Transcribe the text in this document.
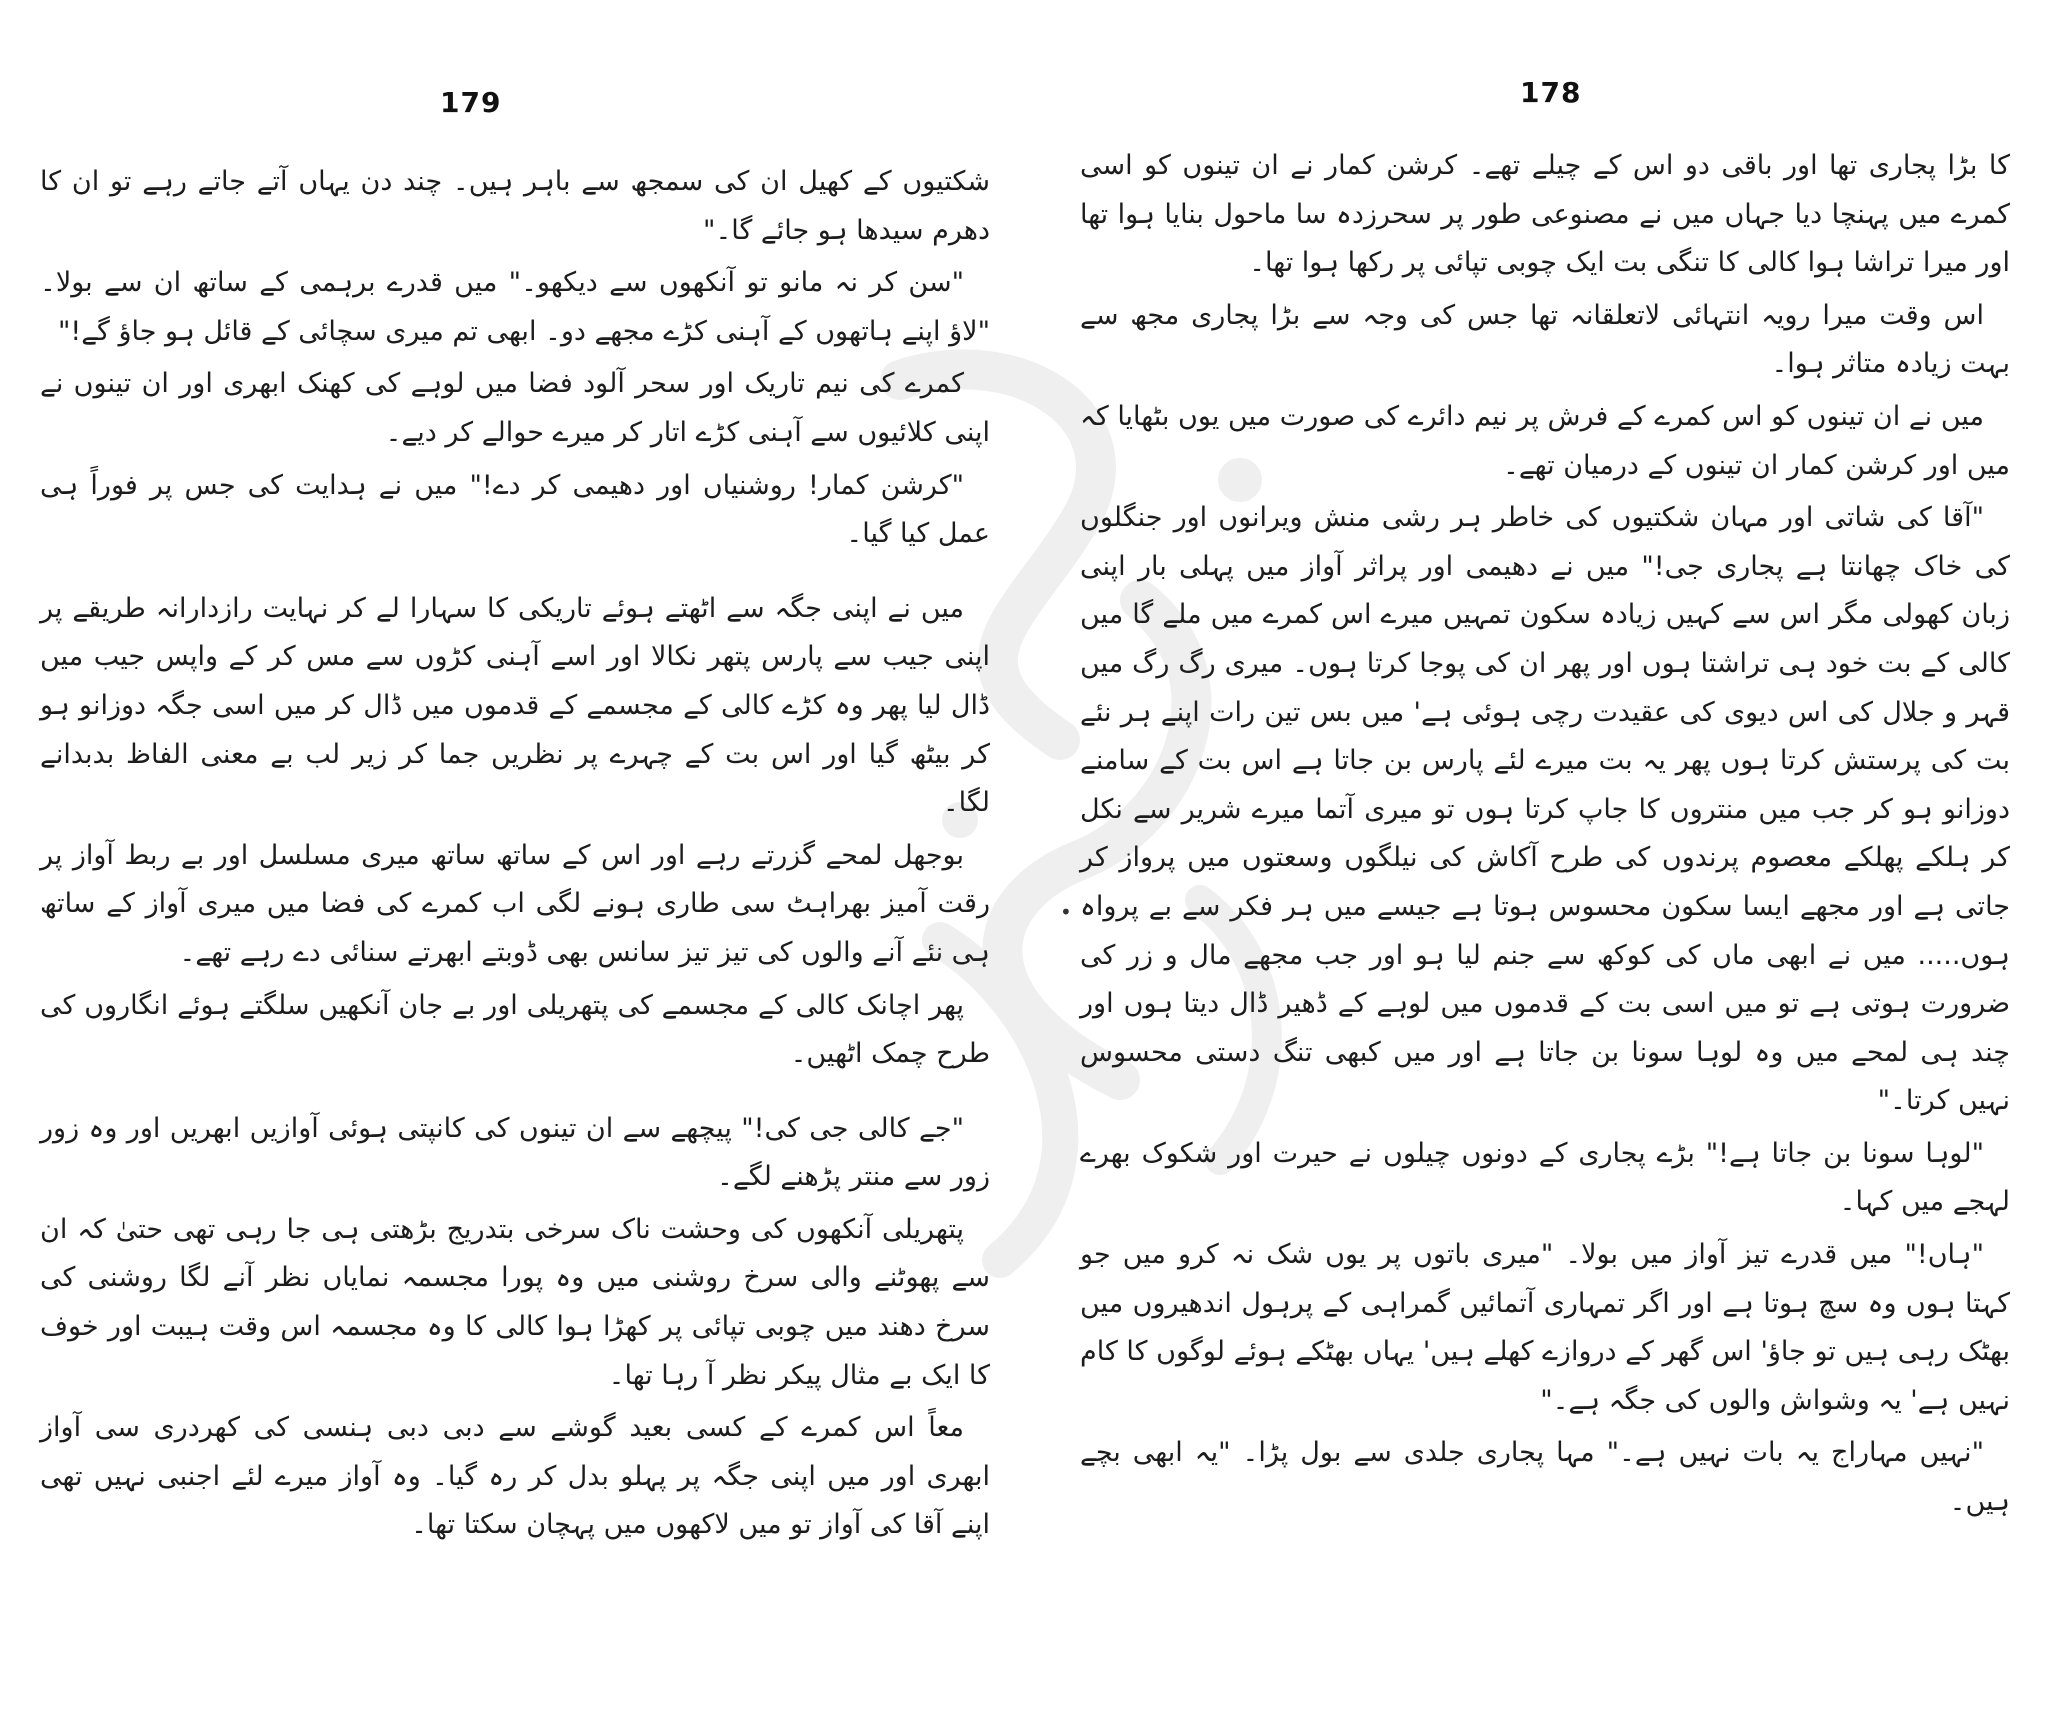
179

شکتیوں کے کھیل ان کی سمجھ سے باہر ہیں۔ چند دن یہاں آتے جاتے رہے تو ان کا دھرم سیدھا ہو جائے گا۔"

"سن کر نہ مانو تو آنکھوں سے دیکھو۔" میں قدرے برہمی کے ساتھ ان سے بولا۔ "لاؤ اپنے ہاتھوں کے آہنی کڑے مجھے دو۔ ابھی تم میری سچائی کے قائل ہو جاؤ گے!"

کمرے کی نیم تاریک اور سحر آلود فضا میں لوہے کی کھنک ابھری اور ان تینوں نے اپنی کلائیوں سے آہنی کڑے اتار کر میرے حوالے کر دیے۔

"کرشن کمار! روشنیاں اور دھیمی کر دے!" میں نے ہدایت کی جس پر فوراً ہی عمل کیا گیا۔

میں نے اپنی جگہ سے اٹھتے ہوئے تاریکی کا سہارا لے کر نہایت رازدارانہ طریقے پر اپنی جیب سے پارس پتھر نکالا اور اسے آہنی کڑوں سے مس کر کے واپس جیب میں ڈال لیا پھر وہ کڑے کالی کے مجسمے کے قدموں میں ڈال کر میں اسی جگہ دوزانو ہو کر بیٹھ گیا اور اس بت کے چہرے پر نظریں جما کر زیر لب بے معنی الفاظ بدبدانے لگا۔

بوجھل لمحے گزرتے رہے اور اس کے ساتھ ساتھ میری مسلسل اور بے ربط آواز پر رقت آمیز بھراہٹ سی طاری ہونے لگی اب کمرے کی فضا میں میری آواز کے ساتھ ہی نئے آنے والوں کی تیز تیز سانس بھی ڈوبتے ابھرتے سنائی دے رہے تھے۔

پھر اچانک کالی کے مجسمے کی پتھریلی اور بے جان آنکھیں سلگتے ہوئے انگاروں کی طرح چمک اٹھیں۔

"جے کالی جی کی!" پیچھے سے ان تینوں کی کانپتی ہوئی آوازیں ابھریں اور وہ زور زور سے منتر پڑھنے لگے۔

پتھریلی آنکھوں کی وحشت ناک سرخی بتدریج بڑھتی ہی جا رہی تھی حتیٰ کہ ان سے پھوٹنے والی سرخ روشنی میں وہ پورا مجسمہ نمایاں نظر آنے لگا روشنی کی سرخ دھند میں چوبی تپائی پر کھڑا ہوا کالی کا وہ مجسمہ اس وقت ہیبت اور خوف کا ایک بے مثال پیکر نظر آ رہا تھا۔

معاً اس کمرے کے کسی بعید گوشے سے دبی دبی ہنسی کی کھردری سی آواز ابھری اور میں اپنی جگہ پر پہلو بدل کر رہ گیا۔ وہ آواز میرے لئے اجنبی نہیں تھی اپنے آقا کی آواز تو میں لاکھوں میں پہچان سکتا تھا۔

178

کا بڑا پجاری تھا اور باقی دو اس کے چیلے تھے۔ کرشن کمار نے ان تینوں کو اسی کمرے میں پہنچا دیا جہاں میں نے مصنوعی طور پر سحرزدہ سا ماحول بنایا ہوا تھا اور میرا تراشا ہوا کالی کا تنگی بت ایک چوبی تپائی پر رکھا ہوا تھا۔

اس وقت میرا رویہ انتہائی لاتعلقانہ تھا جس کی وجہ سے بڑا پجاری مجھ سے بہت زیادہ متاثر ہوا۔

میں نے ان تینوں کو اس کمرے کے فرش پر نیم دائرے کی صورت میں یوں بٹھایا کہ میں اور کرشن کمار ان تینوں کے درمیان تھے۔

"آقا کی شاتی اور مہان شکتیوں کی خاطر ہر رشی منش ویرانوں اور جنگلوں کی خاک چھانتا ہے پجاری جی!" میں نے دھیمی اور پراثر آواز میں پہلی بار اپنی زبان کھولی مگر اس سے کہیں زیادہ سکون تمہیں میرے اس کمرے میں ملے گا میں کالی کے بت خود ہی تراشتا ہوں اور پھر ان کی پوجا کرتا ہوں۔ میری رگ رگ میں قہر و جلال کی اس دیوی کی عقیدت رچی ہوئی ہے' میں بس تین رات اپنے ہر نئے بت کی پرستش کرتا ہوں پھر یہ بت میرے لئے پارس بن جاتا ہے اس بت کے سامنے دوزانو ہو کر جب میں منتروں کا جاپ کرتا ہوں تو میری آتما میرے شریر سے نکل کر ہلکے پھلکے معصوم پرندوں کی طرح آکاش کی نیلگوں وسعتوں میں پرواز کر جاتی ہے اور مجھے ایسا سکون محسوس ہوتا ہے جیسے میں ہر فکر سے بے پرواہ ہوں..... میں نے ابھی ماں کی کوکھ سے جنم لیا ہو اور جب مجھے مال و زر کی ضرورت ہوتی ہے تو میں اسی بت کے قدموں میں لوہے کے ڈھیر ڈال دیتا ہوں اور چند ہی لمحے میں وہ لوہا سونا بن جاتا ہے اور میں کبھی تنگ دستی محسوس نہیں کرتا۔"

"لوہا سونا بن جاتا ہے!" بڑے پجاری کے دونوں چیلوں نے حیرت اور شکوک بھرے لہجے میں کہا۔

"ہاں!" میں قدرے تیز آواز میں بولا۔ "میری باتوں پر یوں شک نہ کرو میں جو کہتا ہوں وہ سچ ہوتا ہے اور اگر تمہاری آتمائیں گمراہی کے پرہول اندھیروں میں بھٹک رہی ہیں تو جاؤ' اس گھر کے دروازے کھلے ہیں' یہاں بھٹکے ہوئے لوگوں کا کام نہیں ہے' یہ وشواش والوں کی جگہ ہے۔"

"نہیں مہاراج یہ بات نہیں ہے۔" مہا پجاری جلدی سے بول پڑا۔ "یہ ابھی بچے ہیں۔

•
